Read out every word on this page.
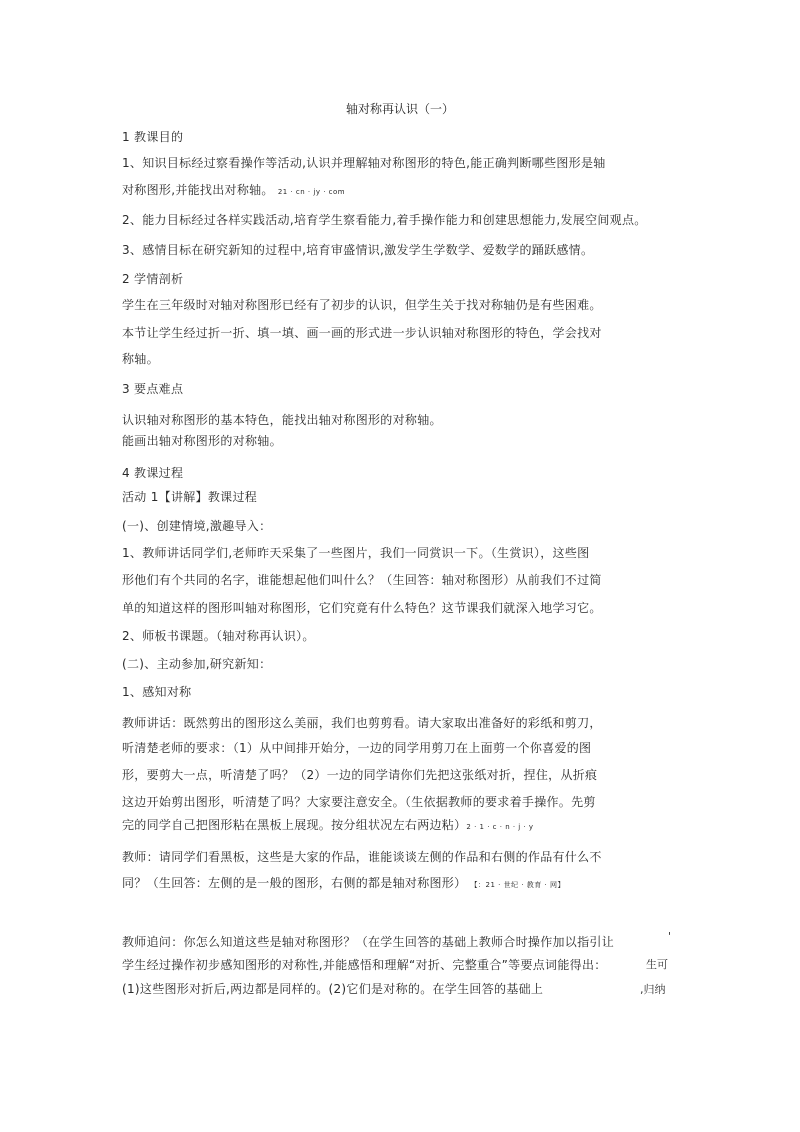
轴对称再认识（一）
1 教课目的
1、知识目标经过察看操作等活动,认识并理解轴对称图形的特色,能正确判断哪些图形是轴
对称图形,并能找出对称轴。 21 · cn · jy · com
2、能力目标经过各样实践活动,培育学生察看能力,着手操作能力和创建思想能力,发展空间观点。
3、感情目标在研究新知的过程中,培育审盛情识,激发学生学数学、爱数学的踊跃感情。
2 学情剖析
学生在三年级时对轴对称图形已经有了初步的认识，但学生关于找对称轴仍是有些困难。
本节让学生经过折一折、填一填、画一画的形式进一步认识轴对称图形的特色，学会找对
称轴。
3 要点难点
认识轴对称图形的基本特色，能找出轴对称图形的对称轴。
能画出轴对称图形的对称轴。
4 教课过程
活动 1【讲解】教课过程
(一)、创建情境,激趣导入：
1、教师讲话同学们,老师昨天采集了一些图片，我们一同赏识一下。（生赏识），这些图
形他们有个共同的名字，谁能想起他们叫什么？（生回答：轴对称图形）从前我们不过简
单的知道这样的图形叫轴对称图形，它们究竟有什么特色？这节课我们就深入地学习它。
2、师板书课题。（轴对称再认识）。
(二)、主动参加,研究新知：
1、感知对称
教师讲话：既然剪出的图形这么美丽，我们也剪剪看。请大家取出准备好的彩纸和剪刀，
听清楚老师的要求：（1）从中间排开始分，一边的同学用剪刀在上面剪一个你喜爱的图
形，要剪大一点，听清楚了吗？（2）一边的同学请你们先把这张纸对折，捏住，从折痕
这边开始剪出图形，听清楚了吗？大家要注意安全。（生依据教师的要求着手操作。先剪
完的同学自己把图形粘在黑板上展现。按分组状况左右两边粘）2 · 1 · c · n · j · y
教师：请同学们看黑板，这些是大家的作品，谁能谈谈左侧的作品和右侧的作品有什么不
同？（生回答：左侧的是一般的图形，右侧的都是轴对称图形） 【：21 · 世纪 · 教育 · 网】
教师追问：你怎么知道这些是轴对称图形？（在学生回答的基础上教师合时操作加以指引让
学生经过操作初步感知图形的对称性,并能感悟和理解“对折、完整重合”等要点词能得出：
(1)这些图形对折后,两边都是同样的。(2)它们是对称的。在学生回答的基础上
'
生可
,归纳
